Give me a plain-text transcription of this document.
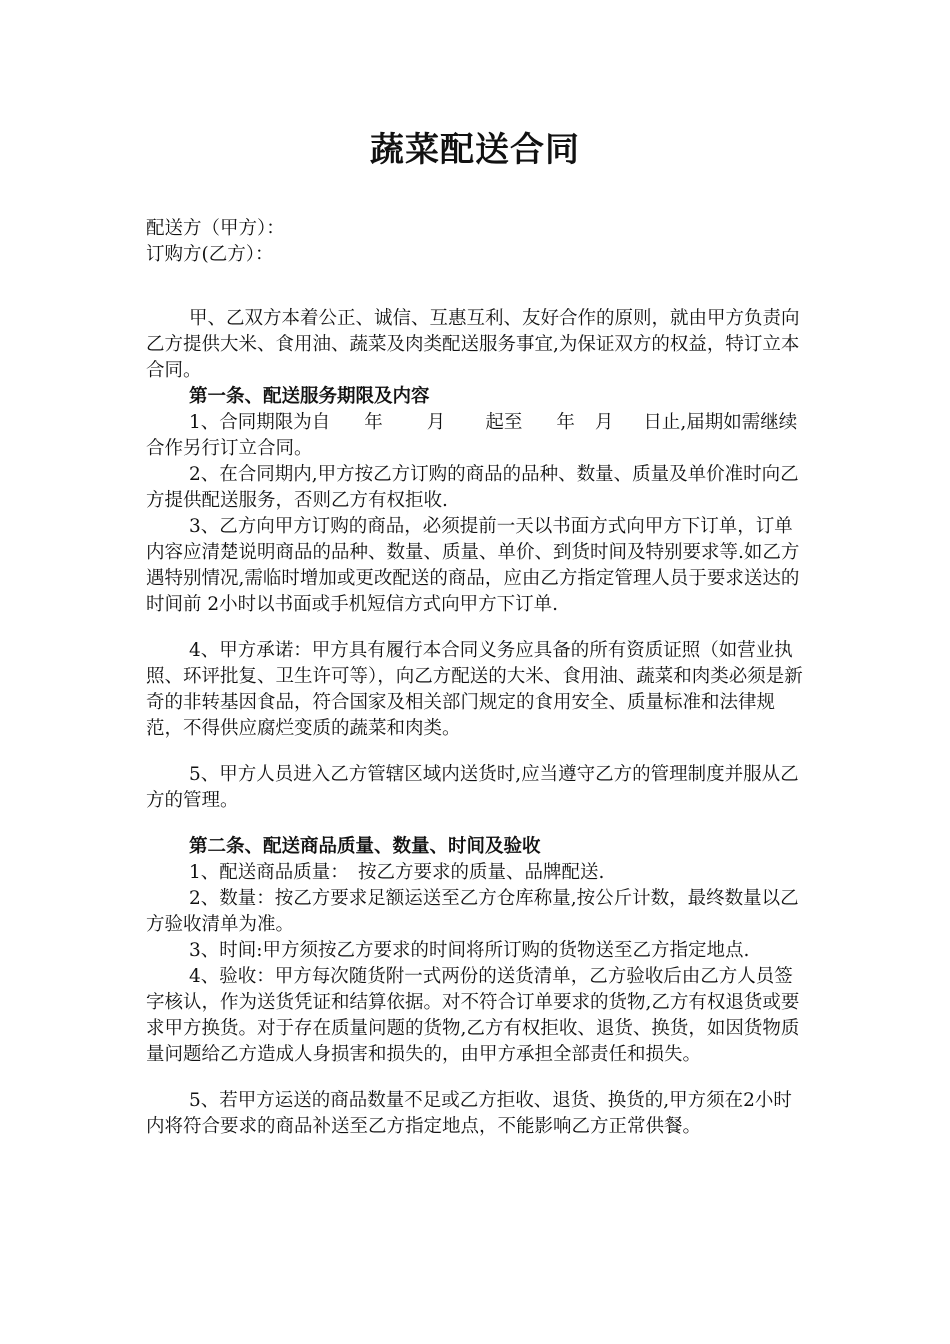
蔬菜配送合同
配送方（甲方）：
订购方(乙方）：

甲、乙双方本着公正、诚信、互惠互利、友好合作的原则，就由甲方负责向乙方提供大米、食用油、蔬菜及肉类配送服务事宜,为保证双方的权益，特订立本合同。

第一条、配送服务期限及内容

1、合同期限为自 年 月 起至 年 月 日止,届期如需继续合作另行订立合同。

2、在合同期内,甲方按乙方订购的商品的品种、数量、质量及单价准时向乙方提供配送服务，否则乙方有权拒收.

3、乙方向甲方订购的商品，必须提前一天以书面方式向甲方下订单，订单内容应清楚说明商品的品种、数量、质量、单价、到货时间及特别要求等.如乙方遇特别情况,需临时增加或更改配送的商品，应由乙方指定管理人员于要求送达的时间前 2小时以书面或手机短信方式向甲方下订单.

4、甲方承诺：甲方具有履行本合同义务应具备的所有资质证照（如营业执照、环评批复、卫生许可等），向乙方配送的大米、食用油、蔬菜和肉类必须是新奇的非转基因食品，符合国家及相关部门规定的食用安全、质量标准和法律规范，不得供应腐烂变质的蔬菜和肉类。

5、甲方人员进入乙方管辖区域内送货时,应当遵守乙方的管理制度并服从乙方的管理。

第二条、配送商品质量、数量、时间及验收

1、配送商品质量：　按乙方要求的质量、品牌配送.

2、数量：按乙方要求足额运送至乙方仓库称量,按公斤计数，最终数量以乙方验收清单为准。

3、时间:甲方须按乙方要求的时间将所订购的货物送至乙方指定地点.

4、验收：甲方每次随货附一式两份的送货清单，乙方验收后由乙方人员签字核认，作为送货凭证和结算依据。对不符合订单要求的货物,乙方有权退货或要求甲方换货。对于存在质量问题的货物,乙方有权拒收、退货、换货，如因货物质量问题给乙方造成人身损害和损失的，由甲方承担全部责任和损失。

5、若甲方运送的商品数量不足或乙方拒收、退货、换货的,甲方须在2小时内将符合要求的商品补送至乙方指定地点，不能影响乙方正常供餐。
